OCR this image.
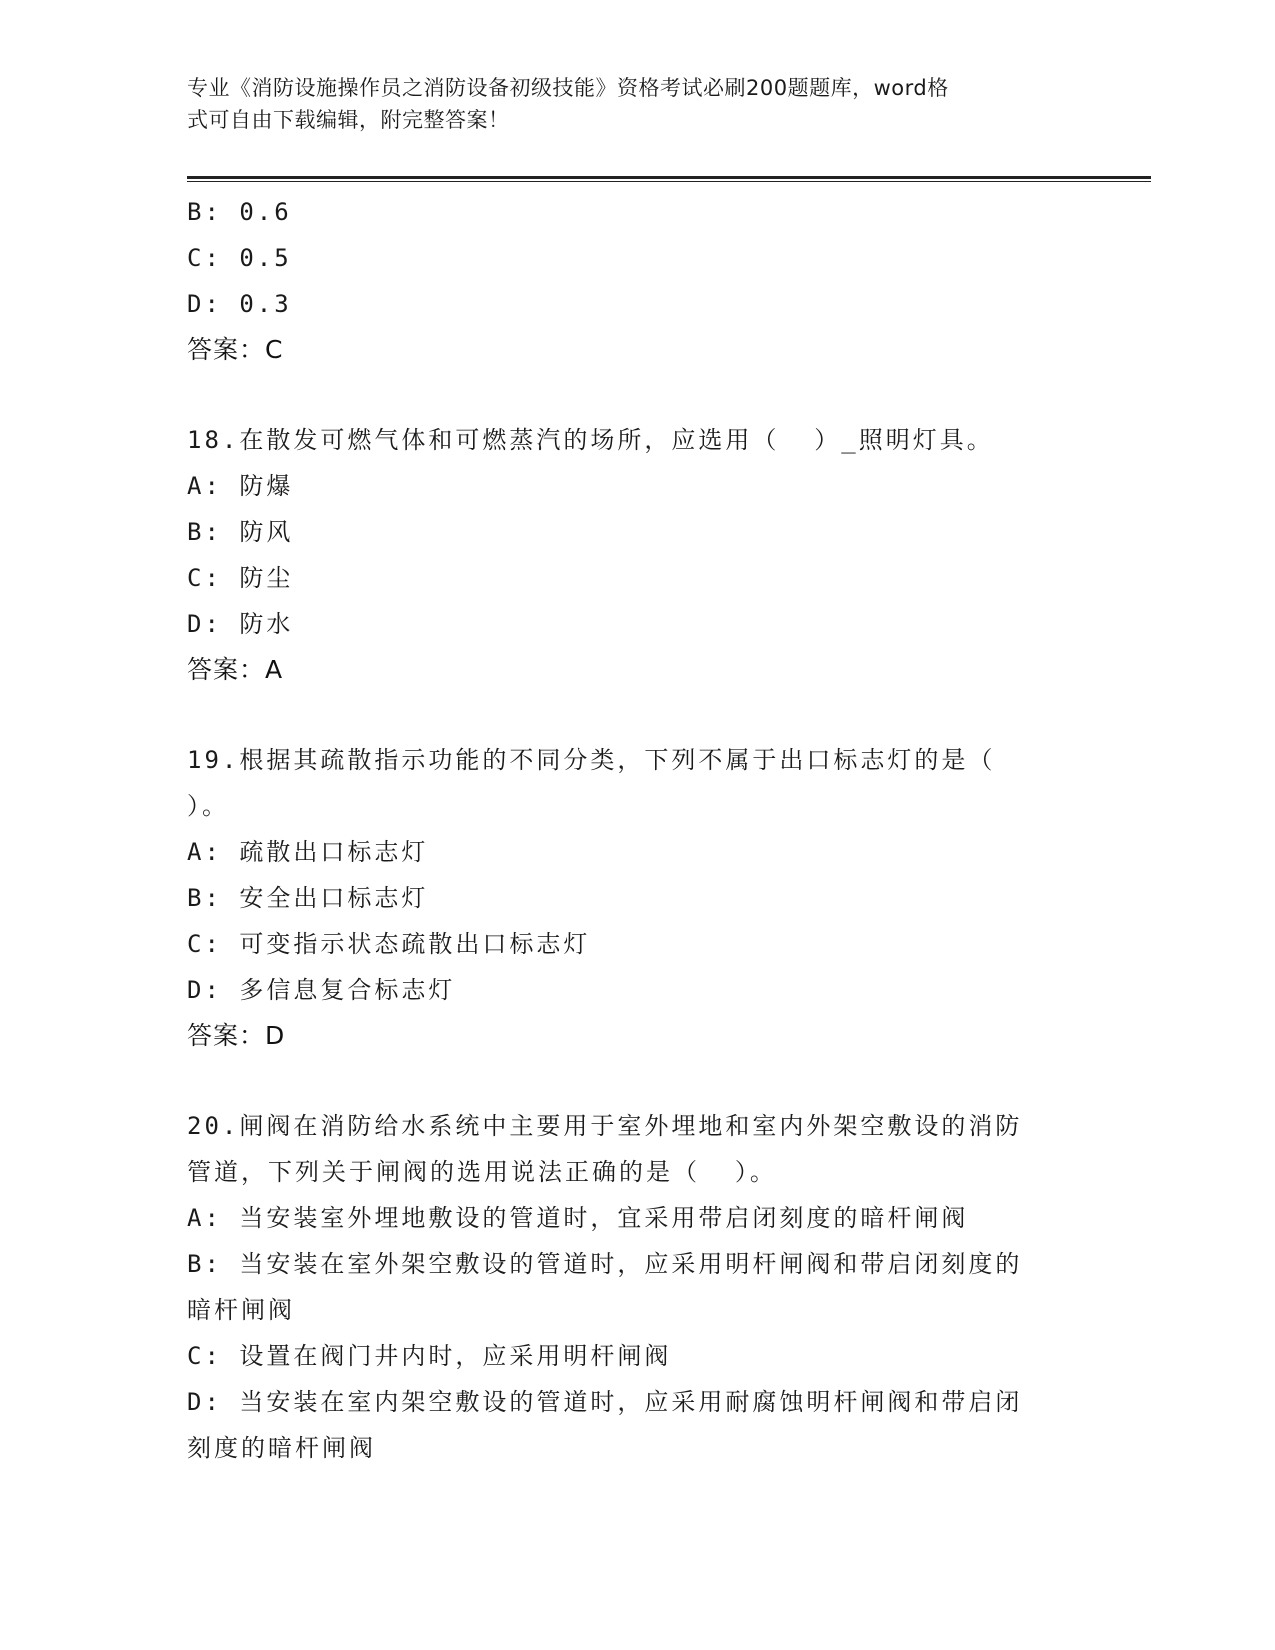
专业《消防设施操作员之消防设备初级技能》资格考试必刷200题题库，word格
式可自由下载编辑，附完整答案！
B: 0.6
C: 0.5
D: 0.3
答案：C
18.在散发可燃气体和可燃蒸汽的场所，应选用（  ）_照明灯具。
A: 防爆
B: 防风
C: 防尘
D: 防水
答案：A
19.根据其疏散指示功能的不同分类，下列不属于出口标志灯的是（
）。
A: 疏散出口标志灯
B: 安全出口标志灯
C: 可变指示状态疏散出口标志灯
D: 多信息复合标志灯
答案：D
20.闸阀在消防给水系统中主要用于室外埋地和室内外架空敷设的消防
管道，下列关于闸阀的选用说法正确的是（  ）。
A: 当安装室外埋地敷设的管道时，宜采用带启闭刻度的暗杆闸阀
B: 当安装在室外架空敷设的管道时，应采用明杆闸阀和带启闭刻度的
暗杆闸阀
C: 设置在阀门井内时，应采用明杆闸阀
D: 当安装在室内架空敷设的管道时，应采用耐腐蚀明杆闸阀和带启闭
刻度的暗杆闸阀
